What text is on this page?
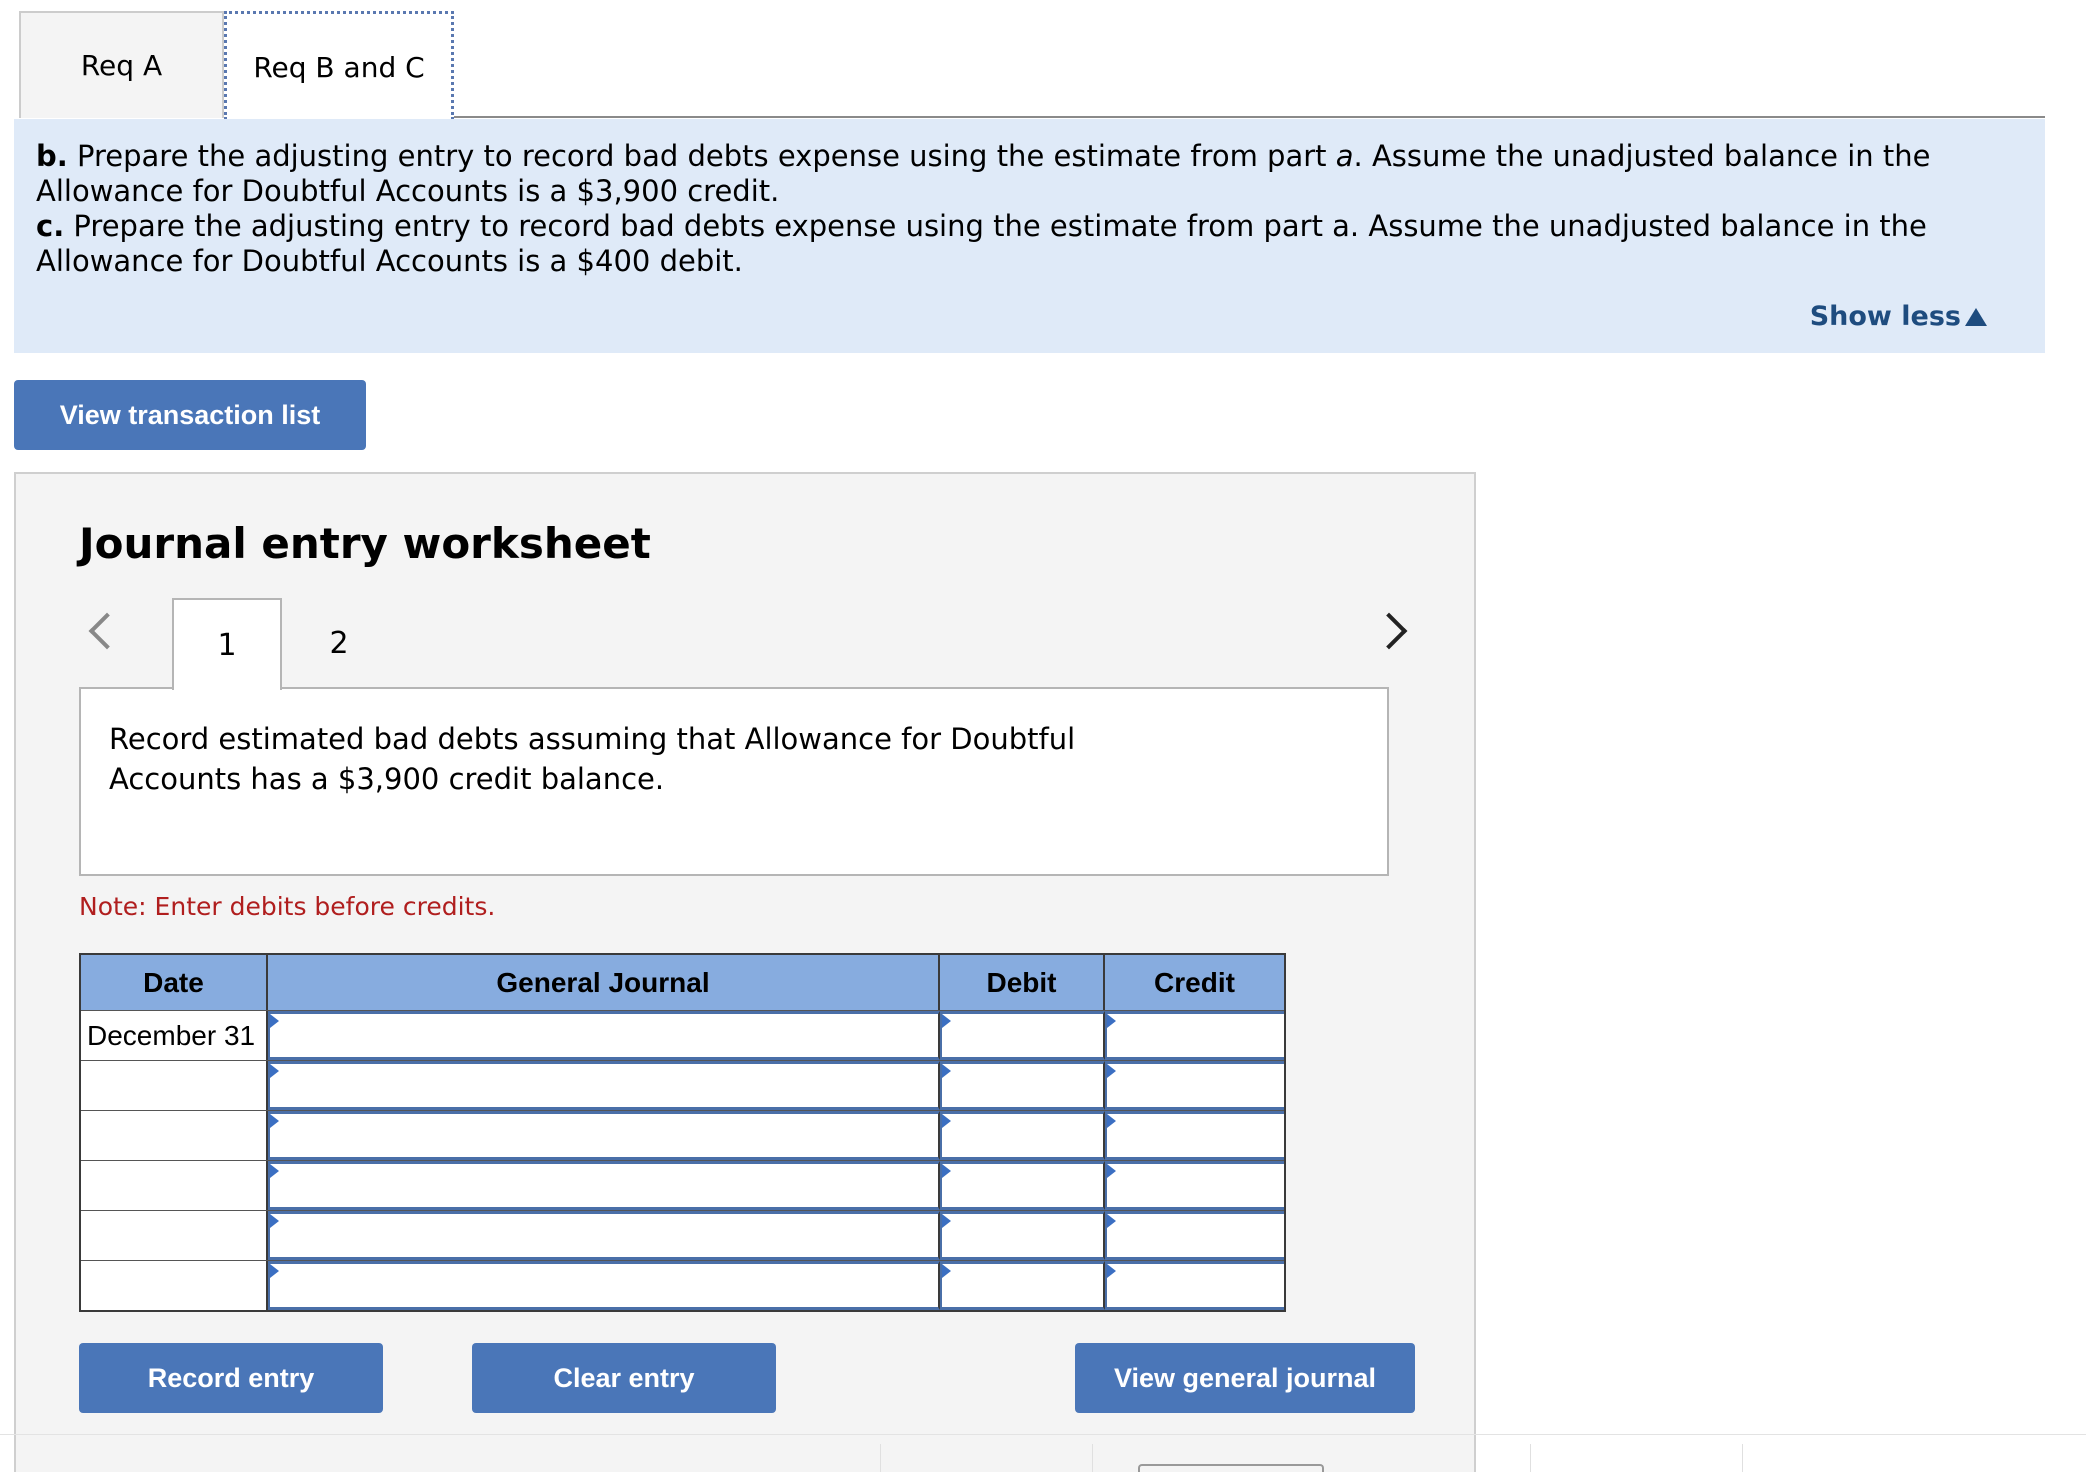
Req A	Req B and C
b. Prepare the adjusting entry to record bad debts expense using the estimate from part a. Assume the unadjusted balance in the
Allowance for Doubtful Accounts is a $3,900 credit.
c. Prepare the adjusting entry to record bad debts expense using the estimate from part a. Assume the unadjusted balance in the
Allowance for Doubtful Accounts is a $400 debit.
Show less
View transaction list
Journal entry worksheet
1	2
Record estimated bad debts assuming that Allowance for Doubtful Accounts has a $3,900 credit balance.
Note: Enter debits before credits.
Date	General Journal	Debit	Credit
December 31
Record entry	Clear entry	View general journal
